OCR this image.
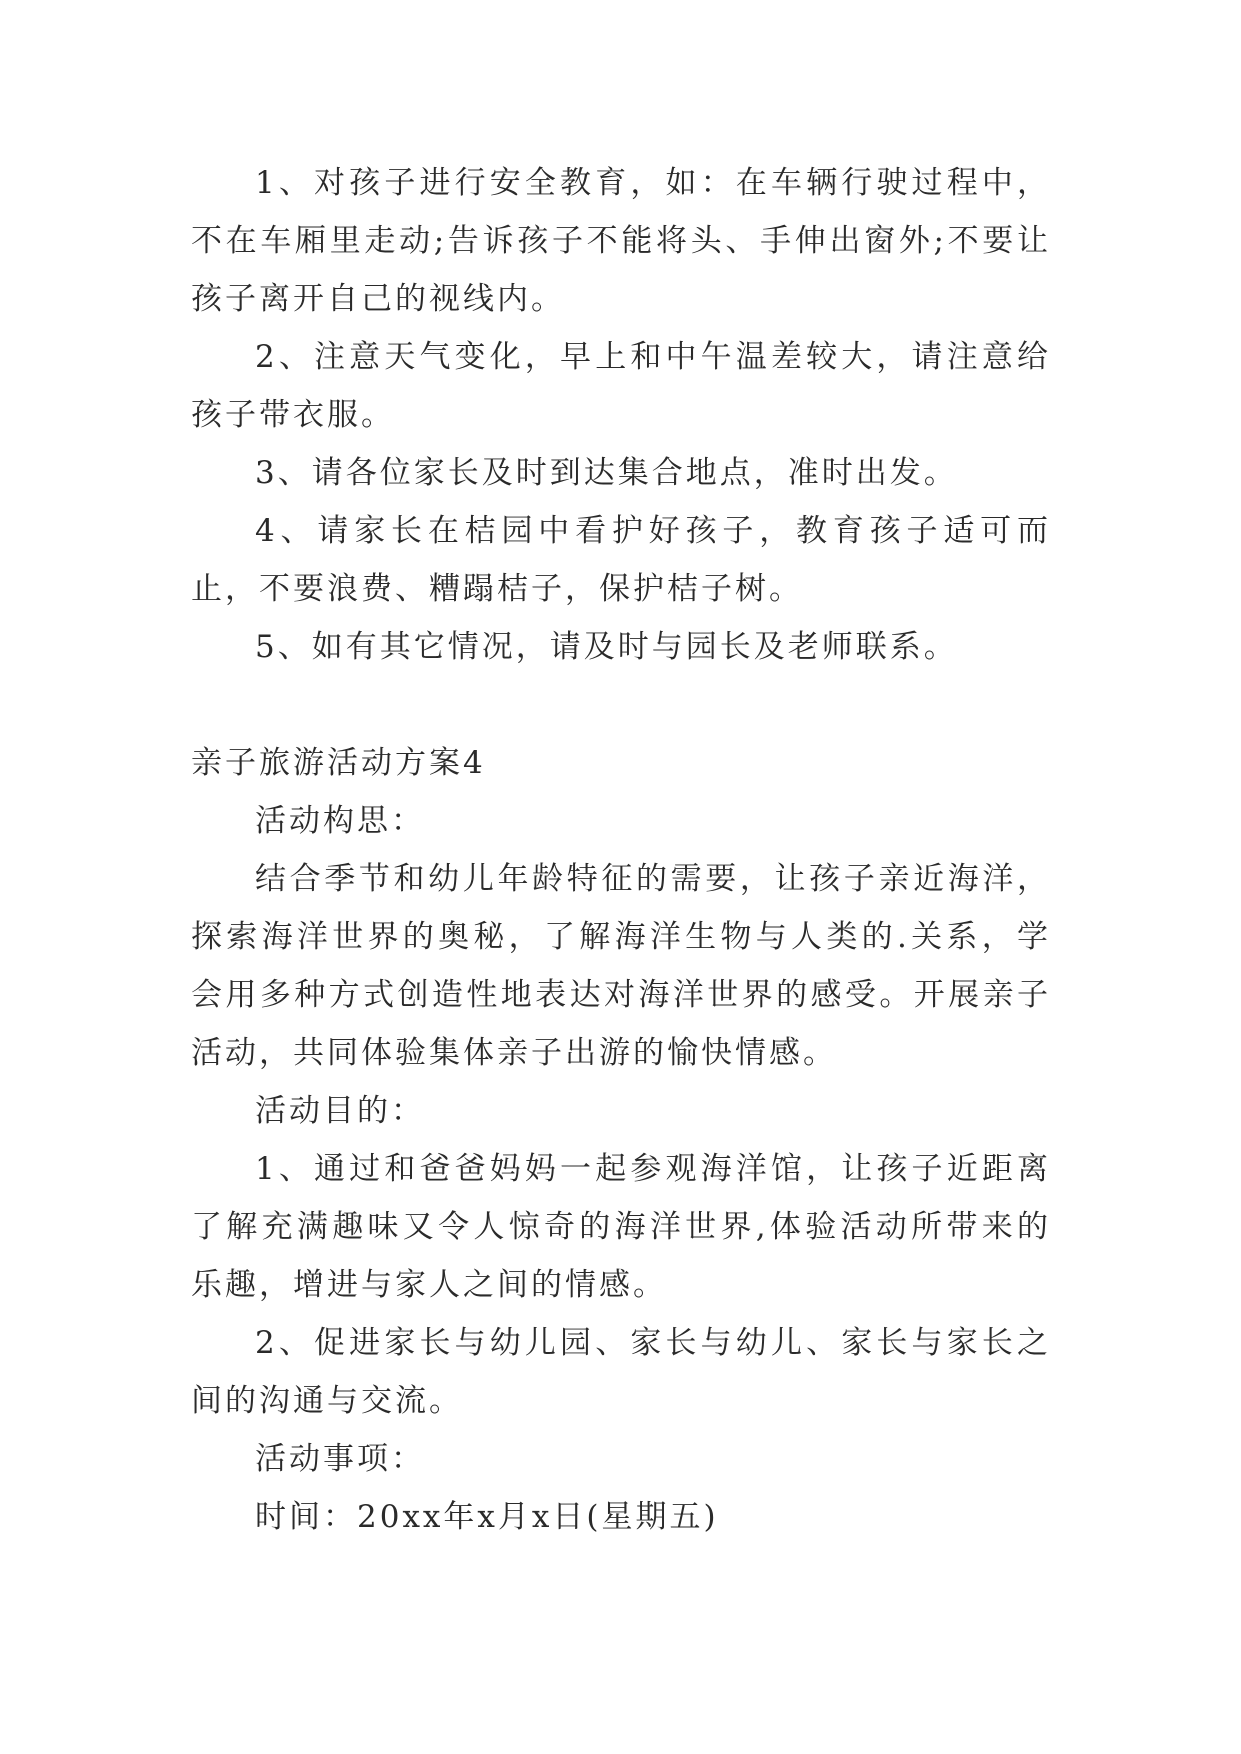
1、对孩子进行安全教育，如：在车辆行驶过程中，不在车厢里走动;告诉孩子不能将头、手伸出窗外;不要让孩子离开自己的视线内。

2、注意天气变化，早上和中午温差较大，请注意给孩子带衣服。

3、请各位家长及时到达集合地点，准时出发。

4、请家长在桔园中看护好孩子，教育孩子适可而止，不要浪费、糟蹋桔子，保护桔子树。

5、如有其它情况，请及时与园长及老师联系。

亲子旅游活动方案4

活动构思：

结合季节和幼儿年龄特征的需要，让孩子亲近海洋，探索海洋世界的奥秘，了解海洋生物与人类的.关系，学会用多种方式创造性地表达对海洋世界的感受。开展亲子活动，共同体验集体亲子出游的愉快情感。

活动目的：

1、通过和爸爸妈妈一起参观海洋馆，让孩子近距离了解充满趣味又令人惊奇的海洋世界,体验活动所带来的乐趣，增进与家人之间的情感。

2、促进家长与幼儿园、家长与幼儿、家长与家长之间的沟通与交流。

活动事项：

时间：20xx年x月x日(星期五)
